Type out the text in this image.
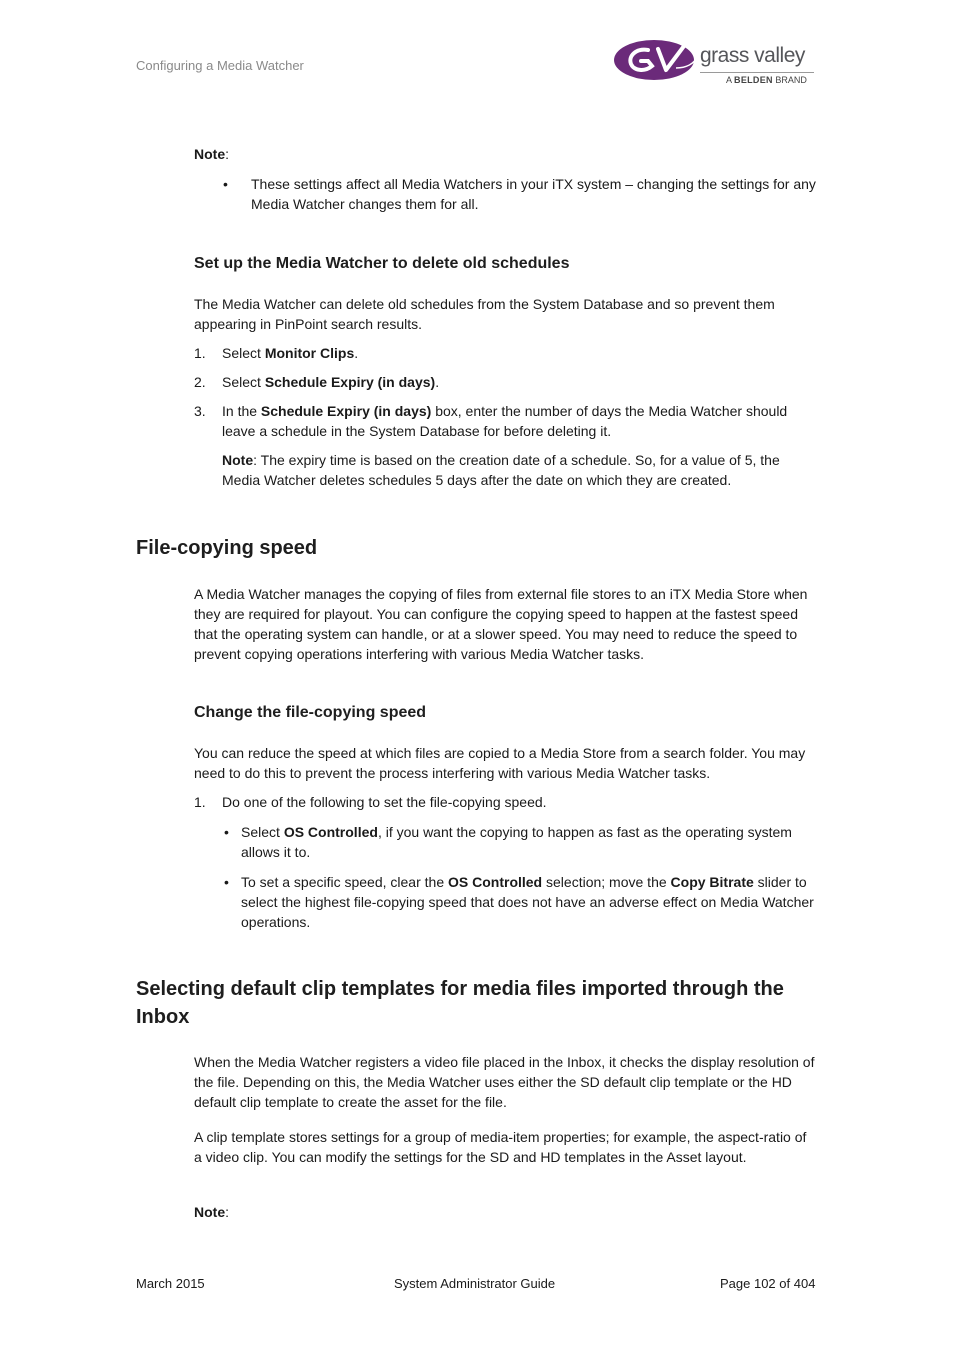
Configuring a Media Watcher	grass valley
A BELDEN BRAND

Note:

•	These settings affect all Media Watchers in your iTX system – changing the settings for any Media Watcher changes them for all.

Set up the Media Watcher to delete old schedules

The Media Watcher can delete old schedules from the System Database and so prevent them appearing in PinPoint search results.

1.	Select Monitor Clips.

2.	Select Schedule Expiry (in days).

3.	In the Schedule Expiry (in days) box, enter the number of days the Media Watcher should leave a schedule in the System Database for before deleting it.

Note: The expiry time is based on the creation date of a schedule. So, for a value of 5, the Media Watcher deletes schedules 5 days after the date on which they are created.

File-copying speed

A Media Watcher manages the copying of files from external file stores to an iTX Media Store when they are required for playout. You can configure the copying speed to happen at the fastest speed that the operating system can handle, or at a slower speed. You may need to reduce the speed to prevent copying operations interfering with various Media Watcher tasks.

Change the file-copying speed

You can reduce the speed at which files are copied to a Media Store from a search folder. You may need to do this to prevent the process interfering with various Media Watcher tasks.

1.	Do one of the following to set the file-copying speed.

• Select OS Controlled, if you want the copying to happen as fast as the operating system allows it to.

• To set a specific speed, clear the OS Controlled selection; move the Copy Bitrate slider to select the highest file-copying speed that does not have an adverse effect on Media Watcher operations.

Selecting default clip templates for media files imported through the Inbox

When the Media Watcher registers a video file placed in the Inbox, it checks the display resolution of the file. Depending on this, the Media Watcher uses either the SD default clip template or the HD default clip template to create the asset for the file.

A clip template stores settings for a group of media-item properties; for example, the aspect-ratio of a video clip. You can modify the settings for the SD and HD templates in the Asset layout.

Note:

March 2015	System Administrator Guide	Page 102 of 404
